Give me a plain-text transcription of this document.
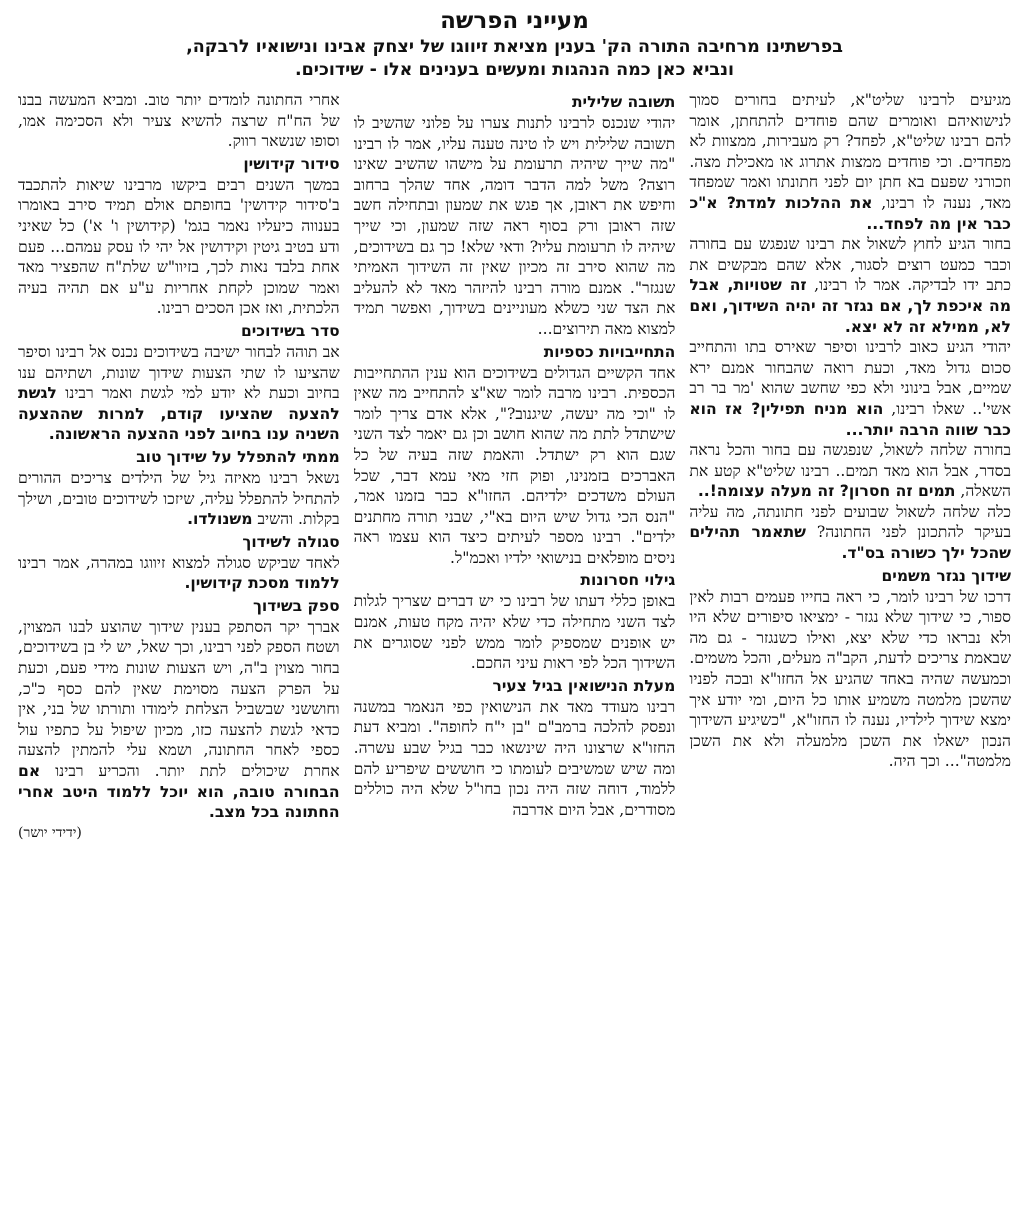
מעייני הפרשה

בפרשתינו מרחיבה התורה הק' בענין מציאת זיווגו של יצחק אבינו ונישואיו לרבקה,

ונביא כאן כמה הנהגות ומעשים בענינים אלו - שידוכים.

מגיעים לרבינו שליט"א, לעיתים בחורים סמוך לנישואיהם ואומרים שהם פוחדים להתחתן, אומר להם רבינו שליט"א, לפחד? רק מעבירות, ממצוות לא מפחדים. וכי פוחדים ממצות אתרוג או מאכילת מצה. וזכורני שפעם בא חתן יום לפני חתונתו ואמר שמפחד מאד, נענה לו רבינו, את ההלכות למדת? א"כ כבר אין מה לפחד...

בחור הגיע לחוץ לשאול את רבינו שנפגש עם בחורה וכבר כמעט רוצים לסגור, אלא שהם מבקשים את כתב ידו לבדיקה. אמר לו רבינו, זה שטויות, אבל מה איכפת לך, אם נגזר זה יהיה השידוך, ואם לא, ממילא זה לא יצא.

יהודי הגיע כאוב לרבינו וסיפר שאירס בתו והתחייב סכום גדול מאד, וכעת רואה שהבחור אמנם ירא שמיים, אבל בינוני ולא כפי שחשב שהוא 'מר בר רב אשי'.. שאלו רבינו, הוא מניח תפילין? אז הוא כבר שווה הרבה יותר...

בחורה שלחה לשאול, שנפגשה עם בחור והכל נראה בסדר, אבל הוא מאד תמים.. רבינו שליט"א קטע את השאלה, תמים זה חסרון? זה מעלה עצומה!..

כלה שלחה לשאול שבועים לפני חתונתה, מה עליה בעיקר להתכונן לפני החתונה? שתאמר תהילים שהכל ילך כשורה בס"ד.

שידוך נגזר משמים

דרכו של רבינו לומר, כי ראה בחייו פעמים רבות לאין ספור, כי שידוך שלא נגזר - ימציאו סיפורים שלא היו ולא נבראו כדי שלא יצא, ואילו כשנגזר - גם מה שבאמת צריכים לדעת, הקב"ה מעלים, והכל משמים. וכמעשה שהיה באחד שהגיע אל החזו"א ובכה לפניו שהשכן מלמטה משמיע אותו כל היום, ומי יודע איך ימצא שידוך לילדיו, נענה לו החזו"א, "כשיגיע השידוך הנכון ישאלו את השכן מלמעלה ולא את השכן מלמטה"... וכך היה.

תשובה שלילית

יהודי שנכנס לרבינו לתנות צערו על פלוני שהשיב לו תשובה שלילית ויש לו טינה טענה עליו, אמר לו רבינו "מה שייך שיהיה תרעומת על מישהו שהשיב שאינו רוצה? משל למה הדבר דומה, אחד שהלך ברחוב וחיפש את ראובן, אך פגש את שמעון ובתחילה חשב שזה ראובן ורק בסוף ראה שזה שמעון, וכי שייך שיהיה לו תרעומת עליו? ודאי שלא! כך גם בשידוכים, מה שהוא סירב זה מכיון שאין זה השידוך האמיתי שנגזר". אמנם מורה רבינו להיזהר מאד לא להעליב את הצד שני כשלא מעוניינים בשידוך, ואפשר תמיד למצוא מאה תירוצים...

התחייבויות כספיות

אחד הקשיים הגדולים בשידוכים הוא ענין ההתחייבות הכספית. רבינו מרבה לומר שא"צ להתחייב מה שאין לו "וכי מה יעשה, שיגנוב?", אלא אדם צריך לומר שישתדל לתת מה שהוא חושב וכן גם יאמר לצד השני שגם הוא רק ישתדל. והאמת שזה בעיה של כל האברכים בזמנינו, ופוק חזי מאי עמא דבר, שכל העולם משדכים ילדיהם. החזו"א כבר בזמנו אמר, "הנס הכי גדול שיש היום בא"י, שבני תורה מחתנים ילדים". רבינו מספר לעיתים כיצד הוא עצמו ראה ניסים מופלאים בנישואי ילדיו ואכמ"ל.

גילוי חסרונות

באופן כללי דעתו של רבינו כי יש דברים שצריך לגלות לצד השני מתחילה כדי שלא יהיה מקח טעות, אמנם יש אופנים שמספיק לומר ממש לפני שסוגרים את השידוך הכל לפי ראות עיני החכם.

מעלת הנישואין בגיל צעיר

רבינו מעודד מאד את הנישואין כפי הנאמר במשנה ונפסק להלכה ברמב"ם "בן י"ח לחופה". ומביא דעת החזו"א שרצונו היה שינשאו כבר בגיל שבע עשרה. ומה שיש שמשיבים לעומתו כי חוששים שיפריע להם ללמוד, דוחה שזה היה נכון בחו"ל שלא היה כוללים מסודרים, אבל היום אדרבה

אחרי החתונה לומדים יותר טוב. ומביא המעשה בבנו של הח"ח שרצה להשיא צעיר ולא הסכימה אמו, וסופו שנשאר רווק.

סידור קידושין

במשך השנים רבים ביקשו מרבינו שיאות להתכבד ב'סידור קידושין' בחופתם אולם תמיד סירב באומרו בענווה כיעליו נאמר בגמ' (קידושין ו' א') כל שאיני ודע בטיב גיטין וקידושין אל יהי לו עסק עמהם... פעם אחת בלבד נאות לכך, בזיוו"ש שלת"ח שהפציר מאד ואמר שמוכן לקחת אחריות ע"ע אם תהיה בעיה הלכתית, ואז אכן הסכים רבינו.

סדר בשידוכים

אב תוהה לבחור ישיבה בשידוכים נכנס אל רבינו וסיפר שהציעו לו שתי הצעות שידוך שונות, ושתיהם ענו בחיוב וכעת לא יודע למי לגשת ואמר רבינו לגשת להצעה שהציעו קודם, למרות שההצעה השניה ענו בחיוב לפני ההצעה הראשונה.

ממתי להתפלל על שידוך טוב

נשאל רבינו מאיזה גיל של הילדים צריכים ההורים להתחיל להתפלל עליה, שיזכו לשידוכים טובים, ושילך בקלות. והשיב משנולדו.

סגולה לשידוך

לאחד שביקש סגולה למצוא זיווגו במהרה, אמר רבינו ללמוד מסכת קידושין.

ספק בשידוך

אברך יקר הסתפק בענין שידוך שהוצע לבנו המצוין, ושטח הספק לפני רבינו, וכך שאל, יש לי בן בשידוכים, בחור מצוין ב"ה, ויש הצעות שונות מידי פעם, וכעת על הפרק הצעה מסוימת שאין להם כסף כ"כ, וחוששני שבשביל הצלחת לימודו ותורתו של בני, אין כדאי לגשת להצעה כזו, מכיון שיפול על כתפיו עול כספי לאחר החתונה, ושמא עלי להמתין להצעה אחרת שיכולים לתת יותר. והכריע רבינו אם הבחורה טובה, הוא יוכל ללמוד היטב אחרי החתונה בכל מצב.

(ידידי יושר)
